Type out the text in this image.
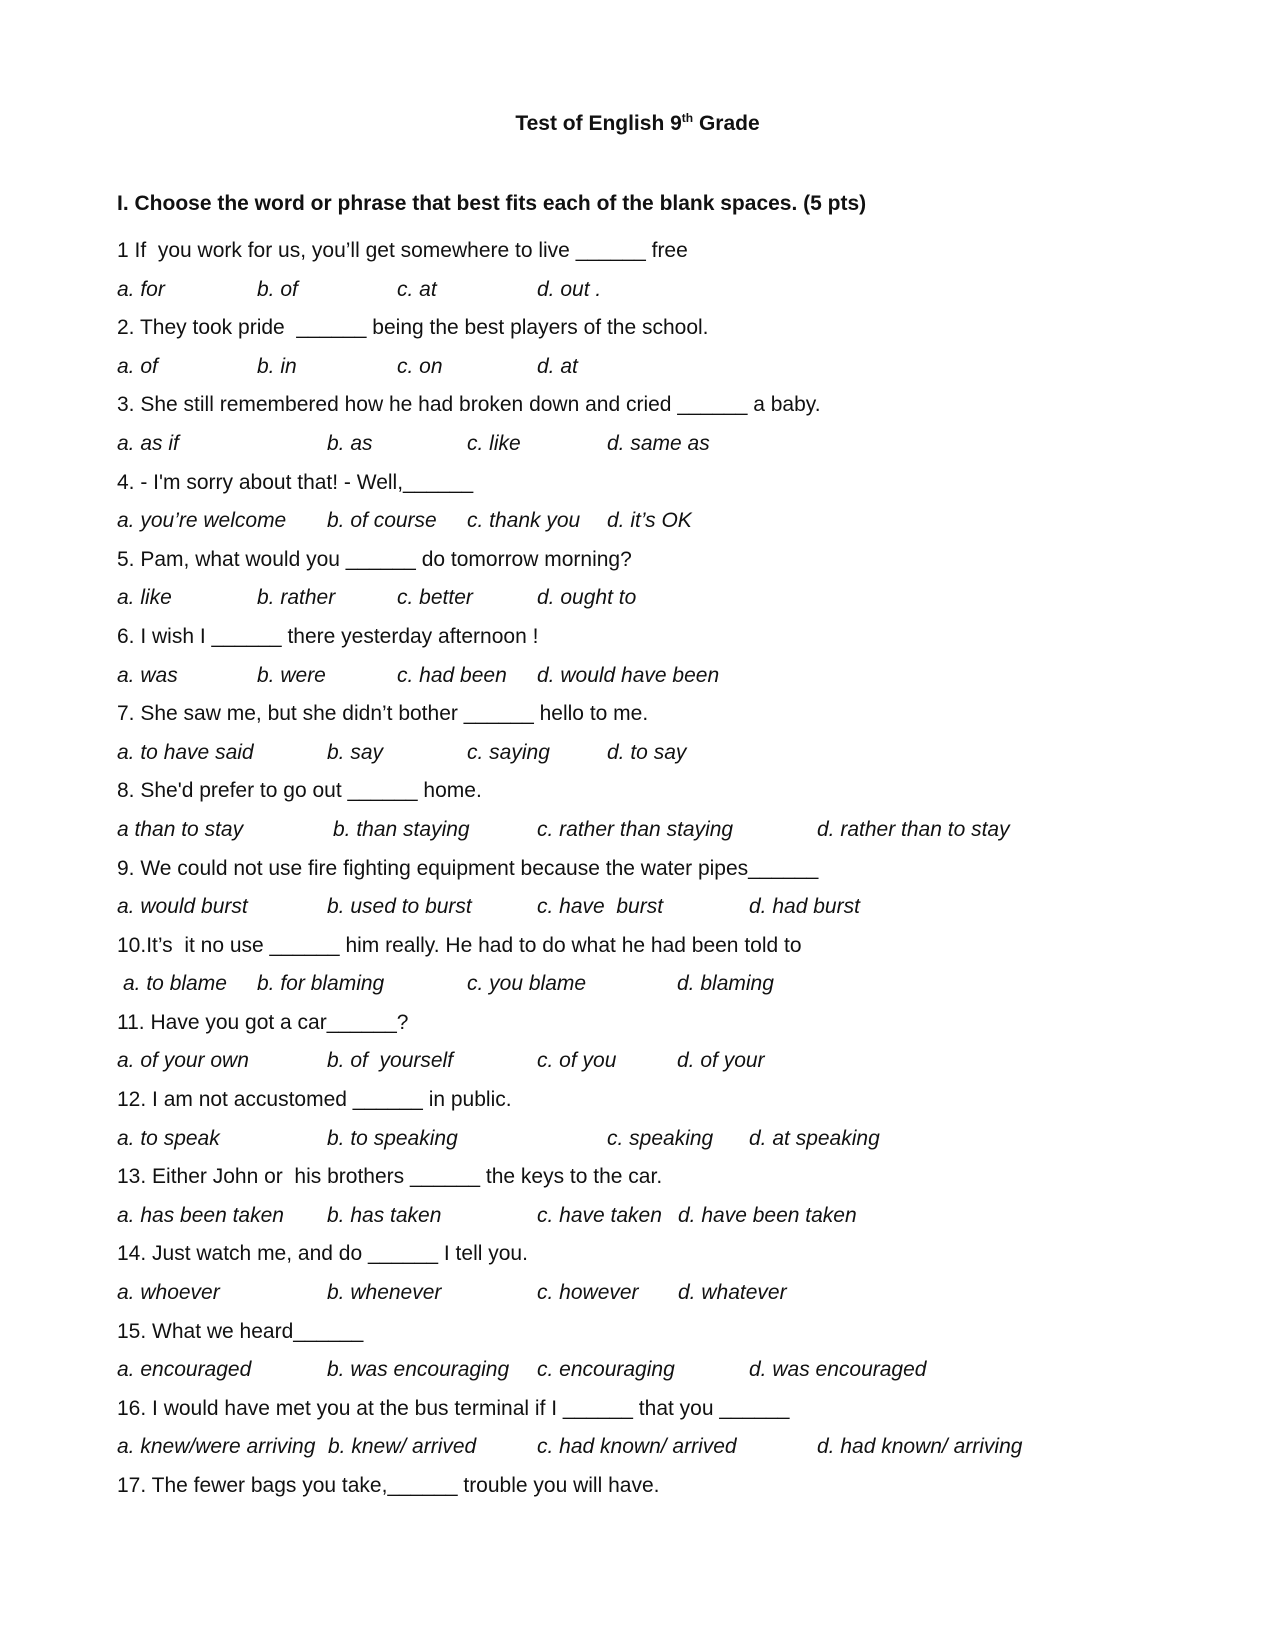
Test of English 9th Grade
I. Choose the word or phrase that best fits each of the blank spaces. (5 pts)
1 If  you work for us, you’ll get somewhere to live ______ free
a. for	b. of	c. at	d. out .
2. They took pride  ______ being the best players of the school.
a. of	b. in	c. on	d. at
3. She still remembered how he had broken down and cried ______ a baby.
a. as if	b. as	c. like	d. same as
4. - I'm sorry about that! - Well,______
a. you’re welcome b. of course c. thank you d. it’s OK
5. Pam, what would you ______ do tomorrow morning?
a. like	b. rather	c. better	d. ought to
6. I wish I ______ there yesterday afternoon !
a. was	b. were	c. had been d. would have been
7. She saw me, but she didn’t bother ______ hello to me.
a. to have said	b. say	c. saying	d. to say
8. She'd prefer to go out ______ home.
a than to stay	b. than staying	c. rather than staying	d. rather than to stay
9. We could not use fire fighting equipment because the water pipes______
a. would burst	b. used to burst	c. have  burst	d. had burst
10.It’s  it no use ______ him really. He had to do what he had been told to
a. to blame b. for blaming	c. you blame	d. blaming
11. Have you got a car______?
a. of your own	b. of  yourself	c. of you	d. of your
12. I am not accustomed ______ in public.
a. to speak	b. to speaking	c. speaking d. at speaking
13. Either John or  his brothers ______ the keys to the car.
a. has been taken b. has taken	c. have taken d. have been taken
14. Just watch me, and do ______ I tell you.
a. whoever	b. whenever	c. however d. whatever
15. What we heard______
a. encouraged	b. was encouraging c. encouraging	d. was encouraged
16. I would have met you at the bus terminal if I ______ that you ______
a. knew/were arriving b. knew/ arrived	c. had known/ arrived	d. had known/ arriving
17. The fewer bags you take,______ trouble you will have.
